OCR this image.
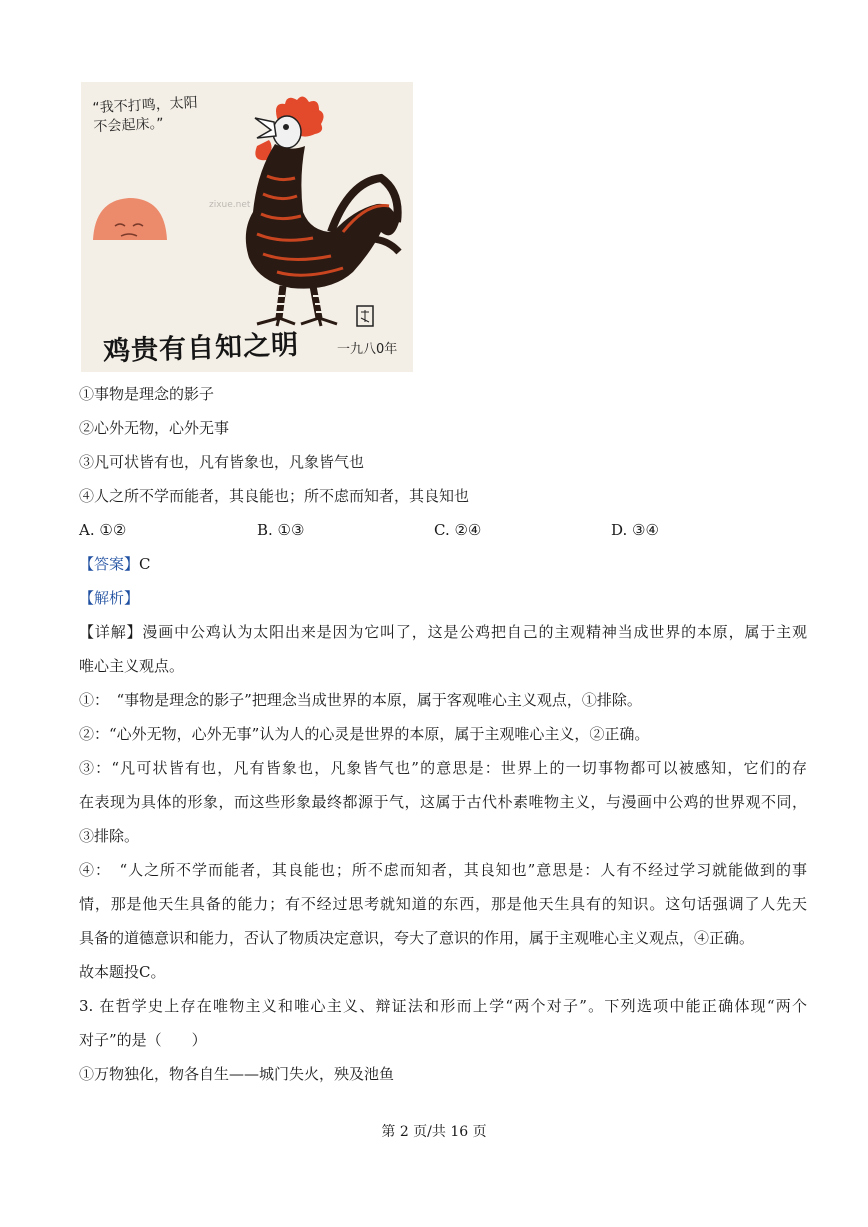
“我不打鸣，太阳
不会起床。”
zixue.net
鸡贵有自知之明	一九八0年
①事物是理念的影子
②心外无物，心外无事
③凡可状皆有也，凡有皆象也，凡象皆气也
④人之所不学而能者，其良能也；所不虑而知者，其良知也
A. ①②	B. ①③	C. ②④	D. ③④
【答案】C
【解析】
【详解】漫画中公鸡认为太阳出来是因为它叫了，这是公鸡把自己的主观精神当成世界的本原，属于主观
唯心主义观点。
①：　“事物是理念的影子”把理念当成世界的本原，属于客观唯心主义观点，①排除。
②：“心外无物，心外无事”认为人的心灵是世界的本原，属于主观唯心主义，②正确。
③：“凡可状皆有也，凡有皆象也，凡象皆气也”的意思是：世界上的一切事物都可以被感知，它们的存
在表现为具体的形象，而这些形象最终都源于气，这属于古代朴素唯物主义，与漫画中公鸡的世界观不同，
③排除。
④：　“人之所不学而能者，其良能也；所不虑而知者，其良知也”意思是：人有不经过学习就能做到的事
情，那是他天生具备的能力；有不经过思考就知道的东西，那是他天生具有的知识。这句话强调了人先天
具备的道德意识和能力，否认了物质决定意识，夸大了意识的作用，属于主观唯心主义观点，④正确。
故本题投C。
3. 在哲学史上存在唯物主义和唯心主义、辩证法和形而上学“两个对子”。下列选项中能正确体现“两个
对子”的是（　　）
①万物独化，物各自生——城门失火，殃及池鱼
第 2 页/共 16 页
